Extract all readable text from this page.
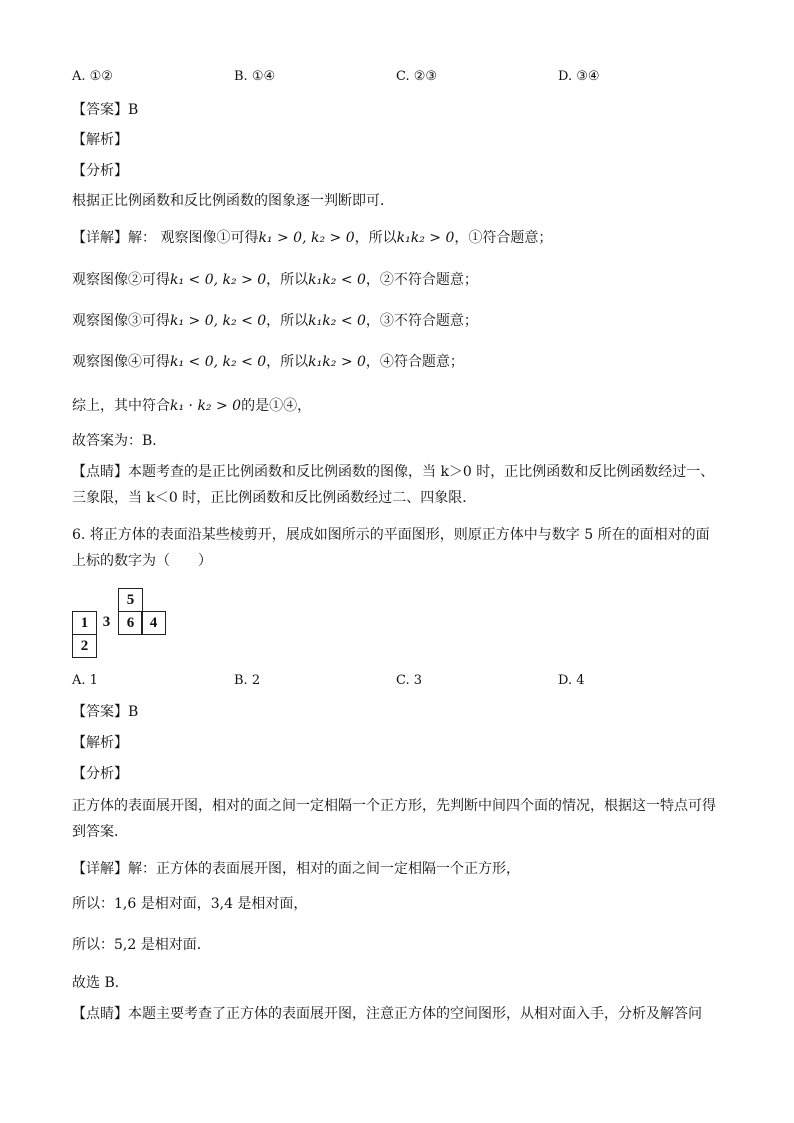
A. ①②	B. ①④	C. ②③	D. ③④
【答案】B
【解析】
【分析】
根据正比例函数和反比例函数的图象逐一判断即可．
【详解】解： 观察图像①可得k₁ > 0, k₂ > 0，所以k₁k₂ > 0，①符合题意；
观察图像②可得k₁ < 0, k₂ > 0，所以k₁k₂ < 0，②不符合题意；
观察图像③可得k₁ > 0, k₂ < 0，所以k₁k₂ < 0，③不符合题意；
观察图像④可得k₁ < 0, k₂ < 0，所以k₁k₂ > 0，④符合题意；
综上，其中符合k₁ · k₂ > 0的是①④，
故答案为：B．
【点睛】本题考查的是正比例函数和反比例函数的图像，当 k＞0 时，正比例函数和反比例函数经过一、三象限，当 k＜0 时，正比例函数和反比例函数经过二、四象限．
6. 将正方体的表面沿某些棱剪开，展成如图所示的平面图形，则原正方体中与数字 5 所在的面相对的面上标的数字为（　　）
5
1 3	6	4
2
A. 1	B. 2	C. 3	D. 4
【答案】B
【解析】
【分析】
正方体的表面展开图，相对的面之间一定相隔一个正方形，先判断中间四个面的情况，根据这一特点可得到答案．
【详解】解：正方体的表面展开图，相对的面之间一定相隔一个正方形，
所以：1,6 是相对面，3,4 是相对面，
所以：5,2 是相对面．
故选 B．
【点睛】本题主要考查了正方体的表面展开图，注意正方体的空间图形，从相对面入手，分析及解答问
